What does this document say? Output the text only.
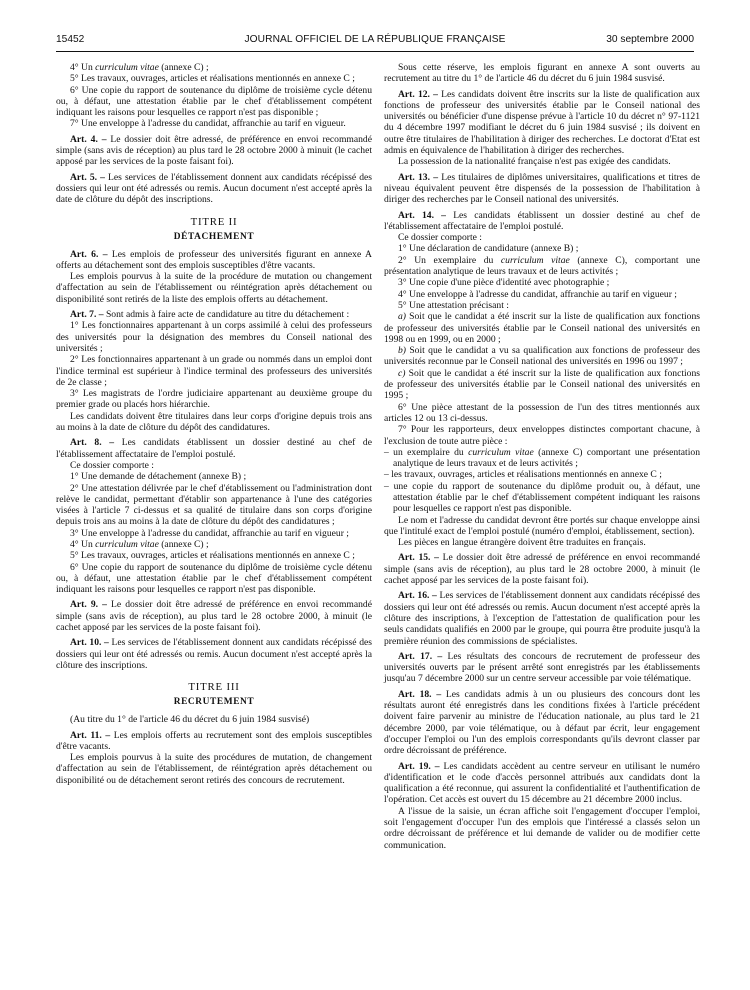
15452	JOURNAL OFFICIEL DE LA RÉPUBLIQUE FRANÇAISE	30 septembre 2000

4° Un curriculum vitae (annexe C) ;

5° Les travaux, ouvrages, articles et réalisations mentionnés en annexe C ;

6° Une copie du rapport de soutenance du diplôme de troisième cycle détenu ou, à défaut, une attestation établie par le chef d'établissement compétent indiquant les raisons pour lesquelles ce rapport n'est pas disponible ;

7° Une enveloppe à l'adresse du candidat, affranchie au tarif en vigueur.

Art. 4. – Le dossier doit être adressé, de préférence en envoi recommandé simple (sans avis de réception) au plus tard le 28 octobre 2000 à minuit (le cachet apposé par les services de la poste faisant foi).

Art. 5. – Les services de l'établissement donnent aux candidats récépissé des dossiers qui leur ont été adressés ou remis. Aucun document n'est accepté après la date de clôture du dépôt des inscriptions.

TITRE II
DÉTACHEMENT

Art. 6. – Les emplois de professeur des universités figurant en annexe A offerts au détachement sont des emplois susceptibles d'être vacants.

Les emplois pourvus à la suite de la procédure de mutation ou changement d'affectation au sein de l'établissement ou réintégration après détachement ou disponibilité sont retirés de la liste des emplois offerts au détachement.

Art. 7. – Sont admis à faire acte de candidature au titre du détachement :

1° Les fonctionnaires appartenant à un corps assimilé à celui des professeurs des universités pour la désignation des membres du Conseil national des universités ;

2° Les fonctionnaires appartenant à un grade ou nommés dans un emploi dont l'indice terminal est supérieur à l'indice terminal des professeurs des universités de 2e classe ;

3° Les magistrats de l'ordre judiciaire appartenant au deuxième groupe du premier grade ou placés hors hiérarchie.

Les candidats doivent être titulaires dans leur corps d'origine depuis trois ans au moins à la date de clôture du dépôt des candidatures.

Art. 8. – Les candidats établissent un dossier destiné au chef de l'établissement affectataire de l'emploi postulé.

Ce dossier comporte :

1° Une demande de détachement (annexe B) ;

2° Une attestation délivrée par le chef d'établissement ou l'administration dont relève le candidat, permettant d'établir son appartenance à l'une des catégories visées à l'article 7 ci-dessus et sa qualité de titulaire dans son corps d'origine depuis trois ans au moins à la date de clôture du dépôt des candidatures ;

3° Une enveloppe à l'adresse du candidat, affranchie au tarif en vigueur ;

4° Un curriculum vitae (annexe C) ;

5° Les travaux, ouvrages, articles et réalisations mentionnés en annexe C ;

6° Une copie du rapport de soutenance du diplôme de troisième cycle détenu ou, à défaut, une attestation établie par le chef d'établissement compétent indiquant les raisons pour lesquelles ce rapport n'est pas disponible.

Art. 9. – Le dossier doit être adressé de préférence en envoi recommandé simple (sans avis de réception), au plus tard le 28 octobre 2000, à minuit (le cachet apposé par les services de la poste faisant foi).

Art. 10. – Les services de l'établissement donnent aux candidats récépissé des dossiers qui leur ont été adressés ou remis. Aucun document n'est accepté après la clôture des inscriptions.

TITRE III
RECRUTEMENT

(Au titre du 1° de l'article 46 du décret du 6 juin 1984 susvisé)

Art. 11. – Les emplois offerts au recrutement sont des emplois susceptibles d'être vacants.

Les emplois pourvus à la suite des procédures de mutation, de changement d'affectation au sein de l'établissement, de réintégration après détachement ou disponibilité ou de détachement seront retirés des concours de recrutement.

Sous cette réserve, les emplois figurant en annexe A sont ouverts au recrutement au titre du 1° de l'article 46 du décret du 6 juin 1984 susvisé.

Art. 12. – Les candidats doivent être inscrits sur la liste de qualification aux fonctions de professeur des universités établie par le Conseil national des universités ou bénéficier d'une dispense prévue à l'article 10 du décret n° 97-1121 du 4 décembre 1997 modifiant le décret du 6 juin 1984 susvisé ; ils doivent en outre être titulaires de l'habilitation à diriger des recherches. Le doctorat d'Etat est admis en équivalence de l'habilitation à diriger des recherches.

La possession de la nationalité française n'est pas exigée des candidats.

Art. 13. – Les titulaires de diplômes universitaires, qualifications et titres de niveau équivalent peuvent être dispensés de la possession de l'habilitation à diriger des recherches par le Conseil national des universités.

Art. 14. – Les candidats établissent un dossier destiné au chef de l'établissement affectataire de l'emploi postulé.

Ce dossier comporte :

1° Une déclaration de candidature (annexe B) ;

2° Un exemplaire du curriculum vitae (annexe C), comportant une présentation analytique de leurs travaux et de leurs activités ;

3° Une copie d'une pièce d'identité avec photographie ;

4° Une enveloppe à l'adresse du candidat, affranchie au tarif en vigueur ;

5° Une attestation précisant :

a) Soit que le candidat a été inscrit sur la liste de qualification aux fonctions de professeur des universités établie par le Conseil national des universités en 1998 ou en 1999, ou en 2000 ;

b) Soit que le candidat a vu sa qualification aux fonctions de professeur des universités reconnue par le Conseil national des universités en 1996 ou 1997 ;

c) Soit que le candidat a été inscrit sur la liste de qualification aux fonctions de professeur des universités établie par le Conseil national des universités en 1995 ;

6° Une pièce attestant de la possession de l'un des titres mentionnés aux articles 12 ou 13 ci-dessus.

7° Pour les rapporteurs, deux enveloppes distinctes comportant chacune, à l'exclusion de toute autre pièce :

– un exemplaire du curriculum vitae (annexe C) comportant une présentation analytique de leurs travaux et de leurs activités ;

– les travaux, ouvrages, articles et réalisations mentionnés en annexe C ;

– une copie du rapport de soutenance du diplôme produit ou, à défaut, une attestation établie par le chef d'établissement compétent indiquant les raisons pour lesquelles ce rapport n'est pas disponible.

Le nom et l'adresse du candidat devront être portés sur chaque enveloppe ainsi que l'intitulé exact de l'emploi postulé (numéro d'emploi, établissement, section).

Les pièces en langue étrangère doivent être traduites en français.

Art. 15. – Le dossier doit être adressé de préférence en envoi recommandé simple (sans avis de réception), au plus tard le 28 octobre 2000, à minuit (le cachet apposé par les services de la poste faisant foi).

Art. 16. – Les services de l'établissement donnent aux candidats récépissé des dossiers qui leur ont été adressés ou remis. Aucun document n'est accepté après la clôture des inscriptions, à l'exception de l'attestation de qualification pour les seuls candidats qualifiés en 2000 par le groupe, qui pourra être produite jusqu'à la première réunion des commissions de spécialistes.

Art. 17. – Les résultats des concours de recrutement de professeur des universités ouverts par le présent arrêté sont enregistrés par les établissements jusqu'au 7 décembre 2000 sur un centre serveur accessible par voie télématique.

Art. 18. – Les candidats admis à un ou plusieurs des concours dont les résultats auront été enregistrés dans les conditions fixées à l'article précédent doivent faire parvenir au ministre de l'éducation nationale, au plus tard le 21 décembre 2000, par voie télématique, ou à défaut par écrit, leur engagement d'occuper l'emploi ou l'un des emplois correspondants qu'ils devront classer par ordre décroissant de préférence.

Art. 19. – Les candidats accèdent au centre serveur en utilisant le numéro d'identification et le code d'accès personnel attribués aux candidats dont la qualification a été reconnue, qui assurent la confidentialité et l'authentification de l'opération. Cet accès est ouvert du 15 décembre au 21 décembre 2000 inclus.

A l'issue de la saisie, un écran affiche soit l'engagement d'occuper l'emploi, soit l'engagement d'occuper l'un des emplois que l'intéressé a classés selon un ordre décroissant de préférence et lui demande de valider ou de modifier cette communication.
